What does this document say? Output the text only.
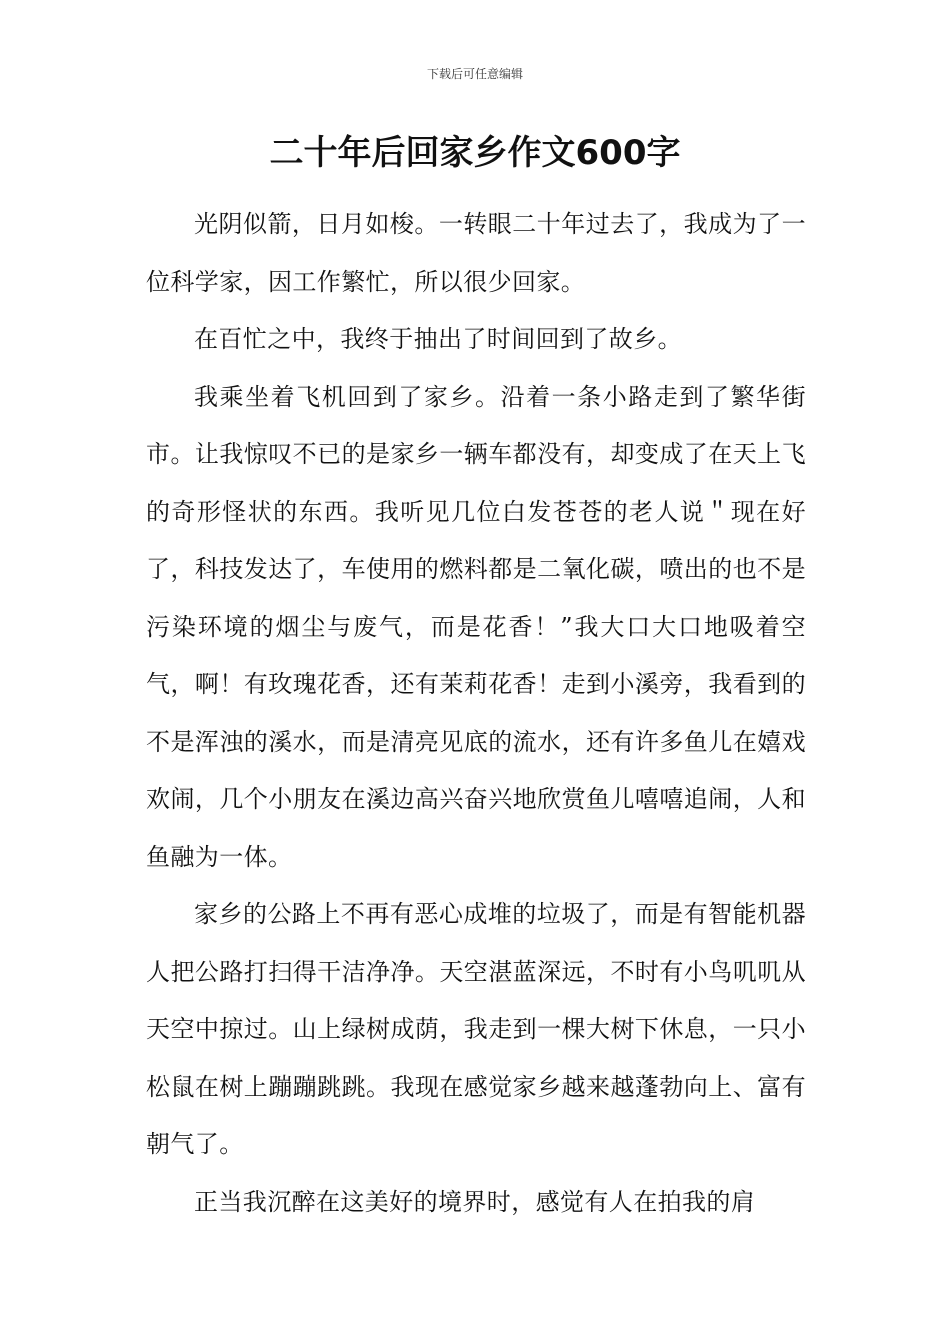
下载后可任意编辑
二十年后回家乡作文600字

光阴似箭，日月如梭。一转眼二十年过去了，我成为了一位科学家，因工作繁忙，所以很少回家。

在百忙之中，我终于抽出了时间回到了故乡。

我乘坐着飞机回到了家乡。沿着一条小路走到了繁华街市。让我惊叹不已的是家乡一辆车都没有，却变成了在天上飞的奇形怪状的东西。我听见几位白发苍苍的老人说＂现在好了，科技发达了，车使用的燃料都是二氧化碳，喷出的也不是污染环境的烟尘与废气，而是花香！”我大口大口地吸着空气，啊！有玫瑰花香，还有茉莉花香！走到小溪旁，我看到的不是浑浊的溪水，而是清亮见底的流水，还有许多鱼儿在嬉戏欢闹，几个小朋友在溪边高兴奋兴地欣赏鱼儿嘻嘻追闹，人和鱼融为一体。

家乡的公路上不再有恶心成堆的垃圾了，而是有智能机器人把公路打扫得干洁净净。天空湛蓝深远，不时有小鸟叽叽从天空中掠过。山上绿树成荫，我走到一棵大树下休息，一只小松鼠在树上蹦蹦跳跳。我现在感觉家乡越来越蓬勃向上、富有朝气了。

正当我沉醉在这美好的境界时，感觉有人在拍我的肩
